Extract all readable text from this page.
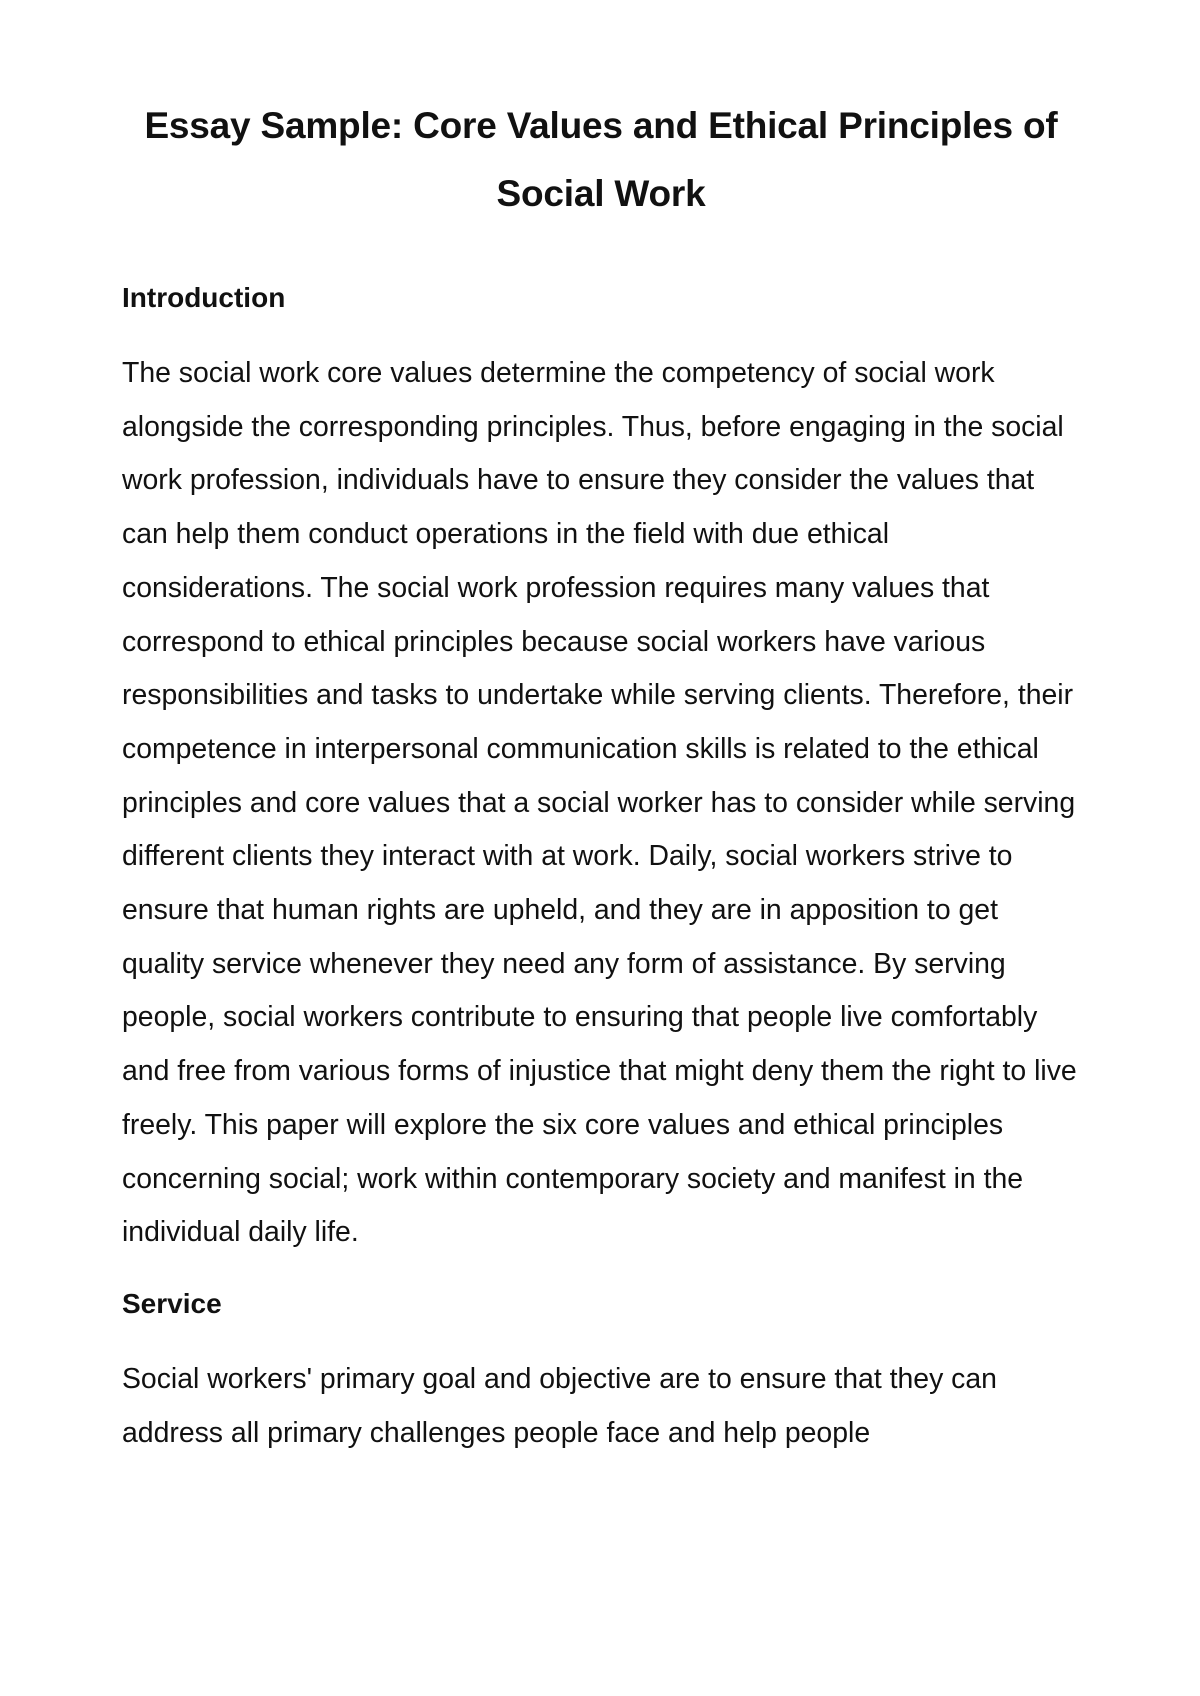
Essay Sample: Core Values and Ethical Principles of Social Work
Introduction

The social work core values determine the competency of social work alongside the corresponding principles. Thus, before engaging in the social work profession, individuals have to ensure they consider the values that can help them conduct operations in the field with due ethical considerations. The social work profession requires many values that correspond to ethical principles because social workers have various responsibilities and tasks to undertake while serving clients. Therefore, their competence in interpersonal communication skills is related to the ethical principles and core values that a social worker has to consider while serving different clients they interact with at work. Daily, social workers strive to ensure that human rights are upheld, and they are in apposition to get quality service whenever they need any form of assistance. By serving people, social workers contribute to ensuring that people live comfortably and free from various forms of injustice that might deny them the right to live freely. This paper will explore the six core values and ethical principles concerning social; work within contemporary society and manifest in the individual daily life.

Service

Social workers' primary goal and objective are to ensure that they can address all primary challenges people face and help people
